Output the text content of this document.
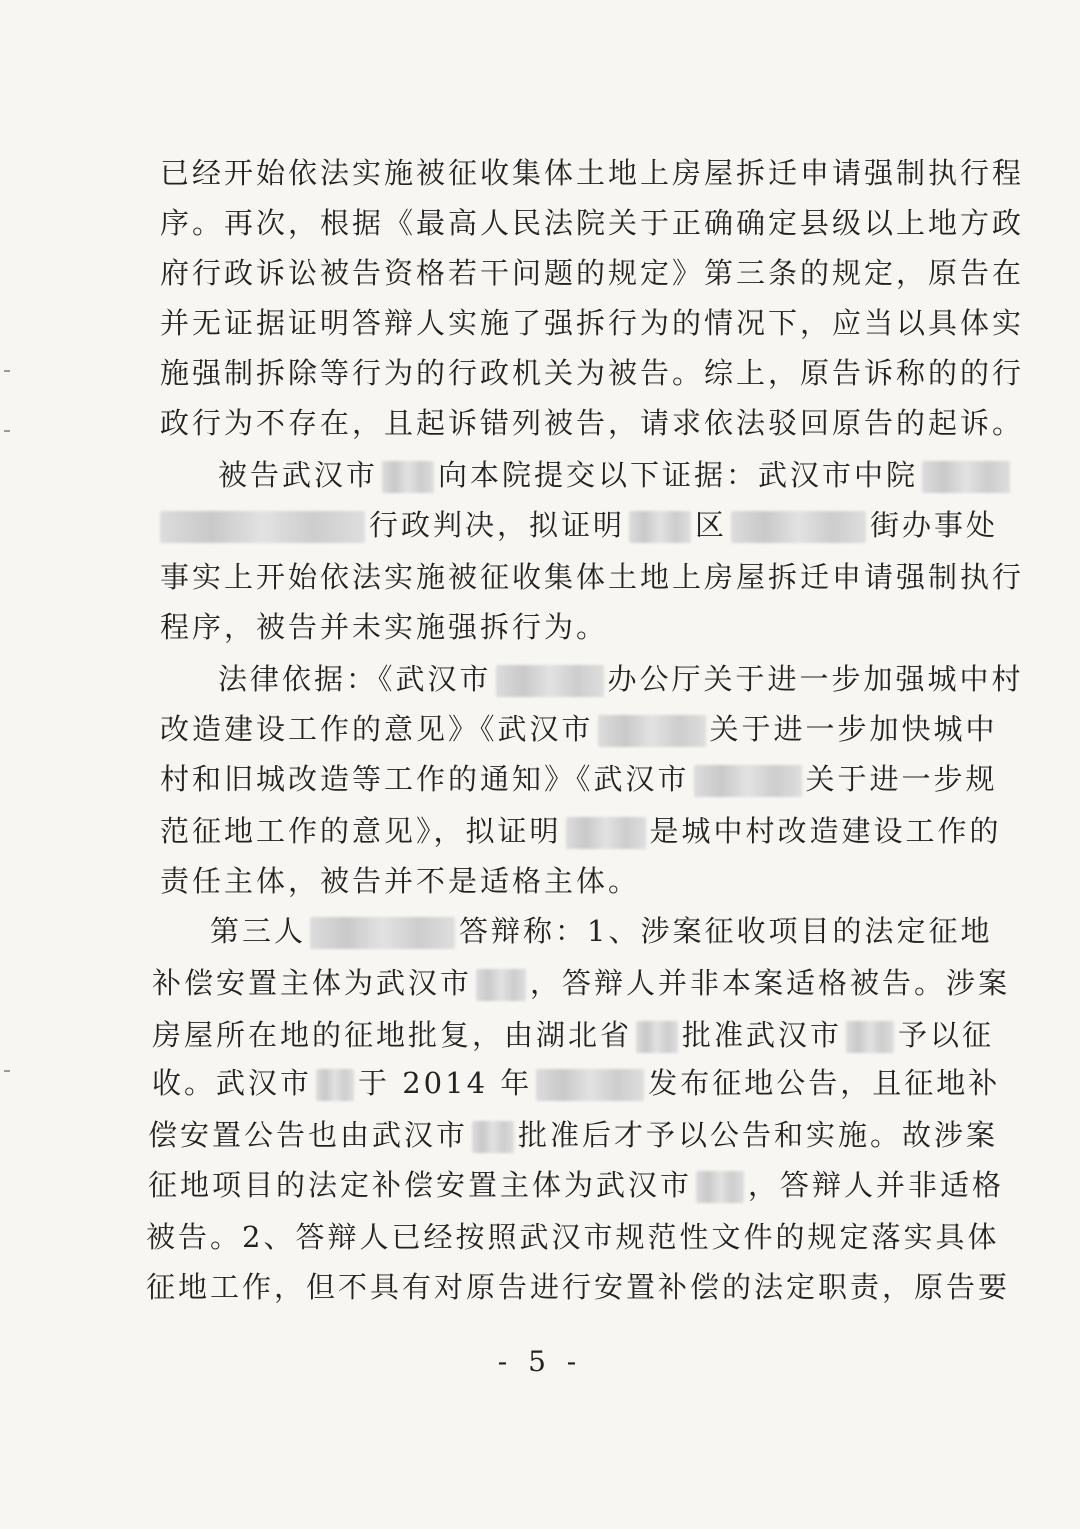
已经开始依法实施被征收集体土地上房屋拆迁申请强制执行程
序。再次，根据《最高人民法院关于正确确定县级以上地方政
府行政诉讼被告资格若干问题的规定》第三条的规定，原告在
并无证据证明答辩人实施了强拆行为的情况下，应当以具体实
施强制拆除等行为的行政机关为被告。综上，原告诉称的的行
政行为不存在，且起诉错列被告，请求依法驳回原告的起诉。
被告武汉市 向本院提交以下证据：武汉市中院
行政判决，拟证明 区	街办事处
事实上开始依法实施被征收集体土地上房屋拆迁申请强制执行
程序，被告并未实施强拆行为。
法律依据：《武汉市	办公厅关于进一步加强城中村
改造建设工作的意见》《武汉市	关于进一步加快城中
村和旧城改造等工作的通知》《武汉市	关于进一步规
范征地工作的意见》，拟证明	是城中村改造建设工作的
责任主体，被告并不是适格主体。
第三人	答辩称：1、涉案征收项目的法定征地
补偿安置主体为武汉市 ，答辩人并非本案适格被告。涉案
房屋所在地的征地批复，由湖北省 批准武汉市 予以征
收。武汉市 于 2014 年	发布征地公告，且征地补
偿安置公告也由武汉市 批准后才予以公告和实施。故涉案
征地项目的法定补偿安置主体为武汉市 ，答辩人并非适格
被告。2、答辩人已经按照武汉市规范性文件的规定落实具体
征地工作，但不具有对原告进行安置补偿的法定职责，原告要
- 5 -
